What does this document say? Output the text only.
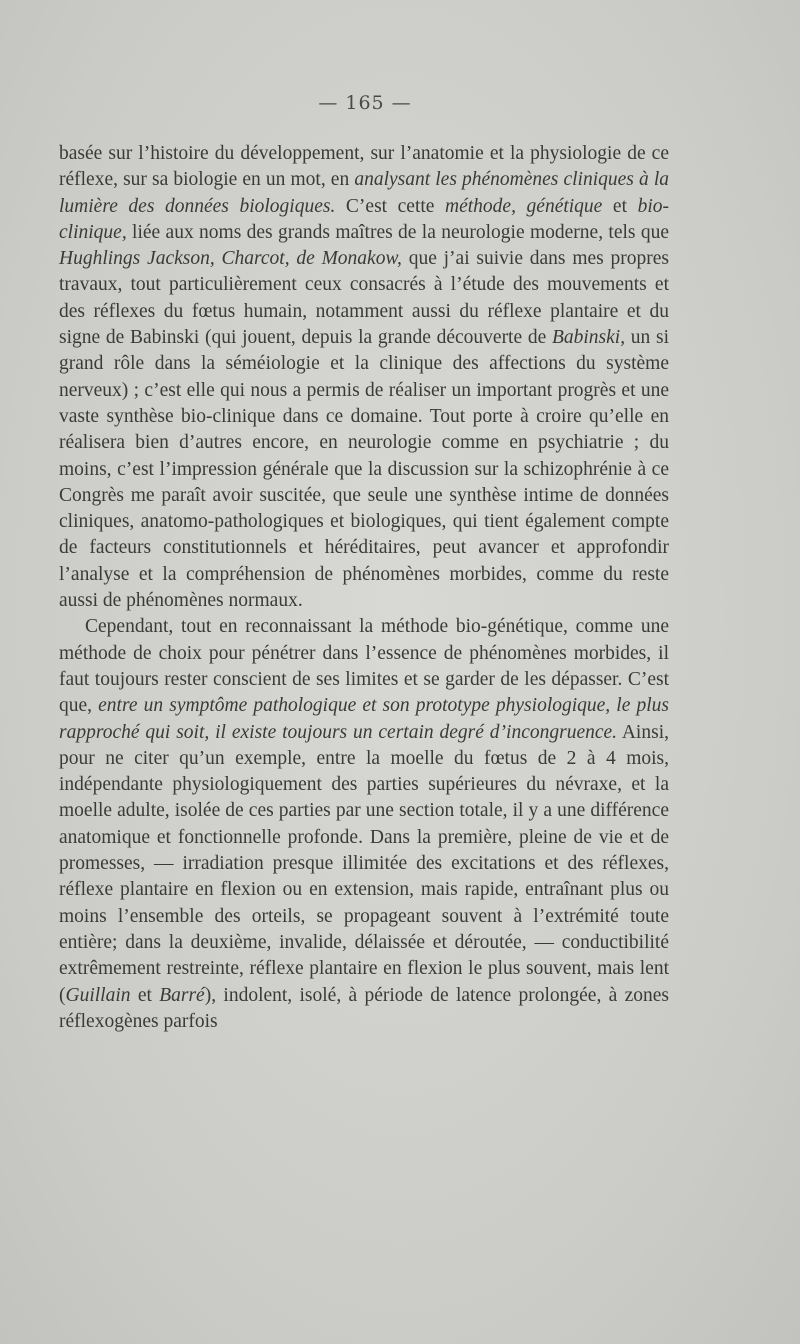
— 165 —

basée sur l’histoire du développement, sur l’anatomie et la physiologie de ce réflexe, sur sa biologie en un mot, en analysant les phénomènes cliniques à la lumière des données biologiques. C’est cette méthode, génétique et bio-clinique, liée aux noms des grands maîtres de la neurologie moderne, tels que Hughlings Jackson, Charcot, de Monakow, que j’ai suivie dans mes propres travaux, tout particulièrement ceux consacrés à l’étude des mouvements et des réflexes du fœtus humain, notamment aussi du réflexe plantaire et du signe de Babinski (qui jouent, depuis la grande découverte de Babinski, un si grand rôle dans la séméiologie et la clinique des affections du système nerveux) ; c’est elle qui nous a permis de réaliser un important progrès et une vaste synthèse bio-clinique dans ce domaine. Tout porte à croire qu’elle en réalisera bien d’autres encore, en neurologie comme en psychiatrie ; du moins, c’est l’impression générale que la discussion sur la schizophrénie à ce Congrès me paraît avoir suscitée, que seule une synthèse intime de données cliniques, anatomo-pathologiques et biologiques, qui tient également compte de facteurs constitutionnels et héréditaires, peut avancer et approfondir l’analyse et la compréhension de phénomènes morbides, comme du reste aussi de phénomènes normaux.

Cependant, tout en reconnaissant la méthode bio-génétique, comme une méthode de choix pour pénétrer dans l’essence de phénomènes morbides, il faut toujours rester conscient de ses limites et se garder de les dépasser. C’est que, entre un symptôme pathologique et son prototype physiologique, le plus rapproché qui soit, il existe toujours un certain degré d’incongruence. Ainsi, pour ne citer qu’un exemple, entre la moelle du fœtus de 2 à 4 mois, indépendante physiologiquement des parties supérieures du névraxe, et la moelle adulte, isolée de ces parties par une section totale, il y a une différence anatomique et fonctionnelle profonde. Dans la première, pleine de vie et de promesses, — irradiation presque illimitée des excitations et des réflexes, réflexe plantaire en flexion ou en extension, mais rapide, entraînant plus ou moins l’ensemble des orteils, se propageant souvent à l’extrémité toute entière; dans la deuxième, invalide, délaissée et déroutée, — conductibilité extrêmement restreinte, réflexe plantaire en flexion le plus souvent, mais lent (Guillain et Barré), indolent, isolé, à période de latence prolongée, à zones réflexogènes parfois
